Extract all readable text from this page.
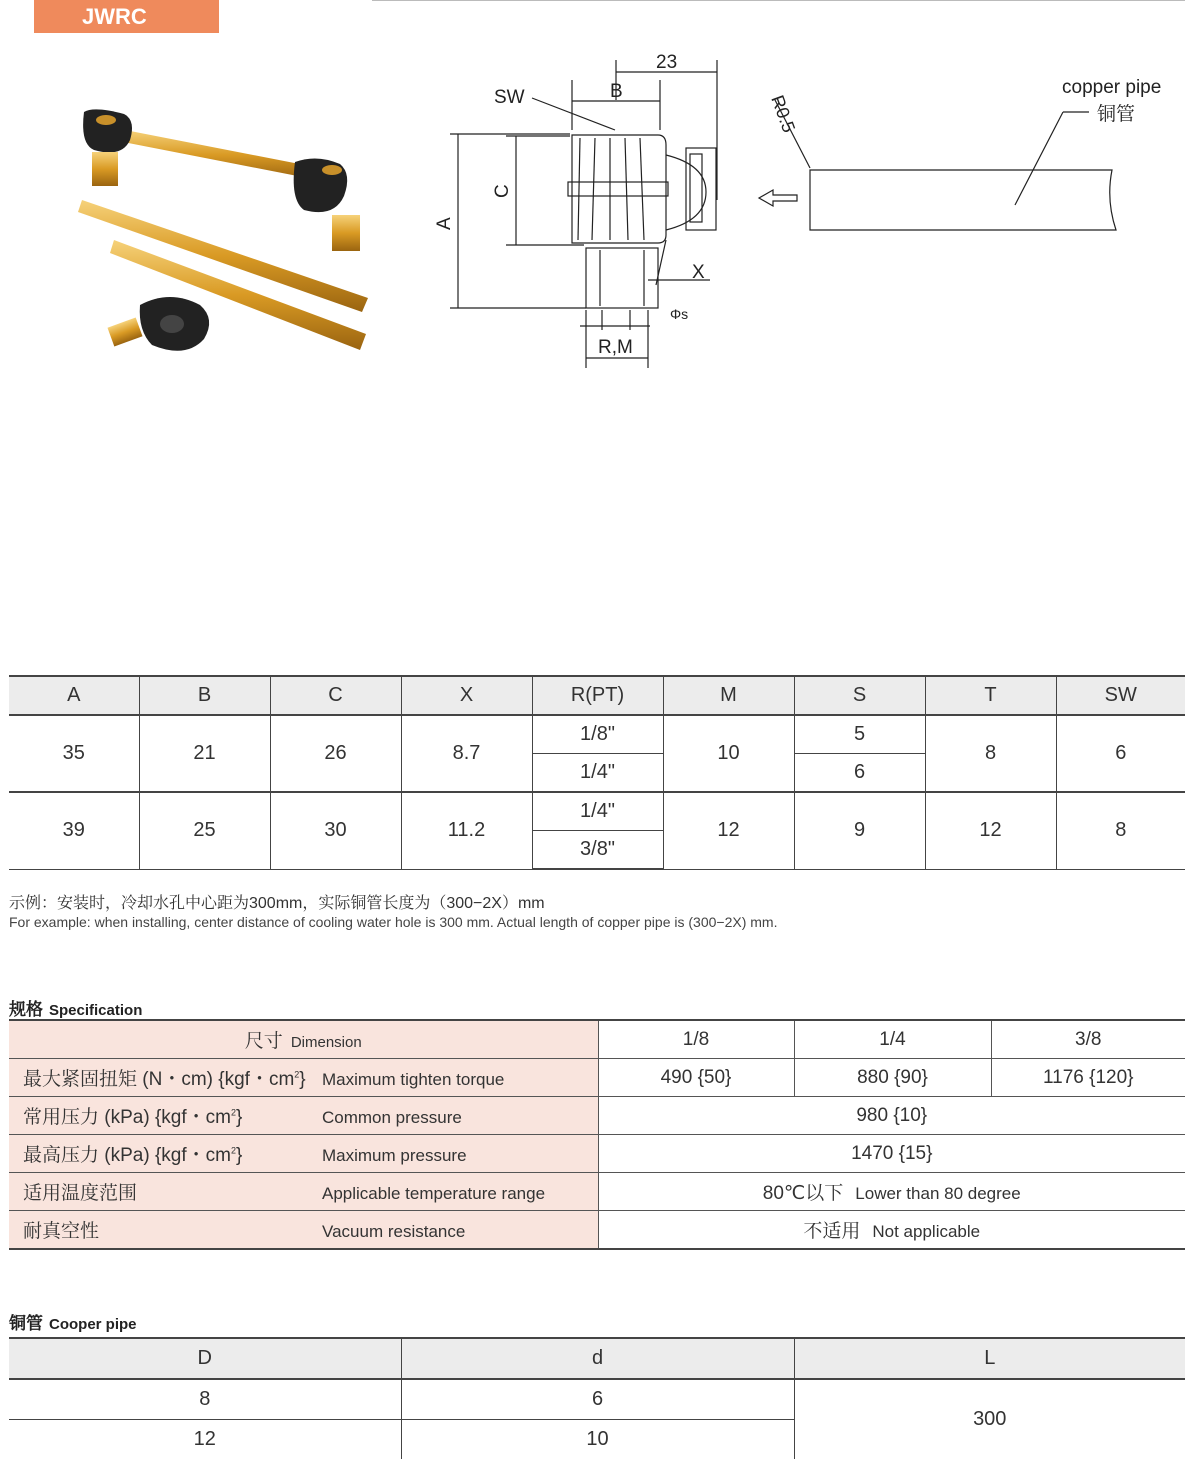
JWRC
23
B
SW
A
C
X
Φs
R,M
R0.5
copper pipe
铜管
A	B	C	X	R(PT)	M	S	T	SW
35	21	26	8.7	1/8"	10	5	8	6
				1/4"		6		
39	25	30	11.2	1/4"	12	9	12	8
				3/8"				
示例：安装时，冷却水孔中心距为300mm，实际铜管长度为（300−2X）mm
For example: when installing, center distance of cooling water hole is 300 mm. Actual length of copper pipe is (300−2X) mm.
规格 Specification
尺寸 Dimension	1/8	1/4	3/8
最大紧固扭矩 (N・cm) {kgf・$cm^2$} Maximum tighten torque	490 {50}	880 {90}	1176 {120}
常用压力 (kPa) {kgf・$cm^2$} Common pressure	980 {10}		
最高压力 (kPa) {kgf・$cm^2$} Maximum pressure	1470 {15}		
适用温度范围 Applicable temperature range	80℃以下 Lower than 80 degree		
耐真空性 Vacuum resistance	不适用 Not applicable		
铜管 Cooper pipe
D	d	L
8	6	300
12	10	
